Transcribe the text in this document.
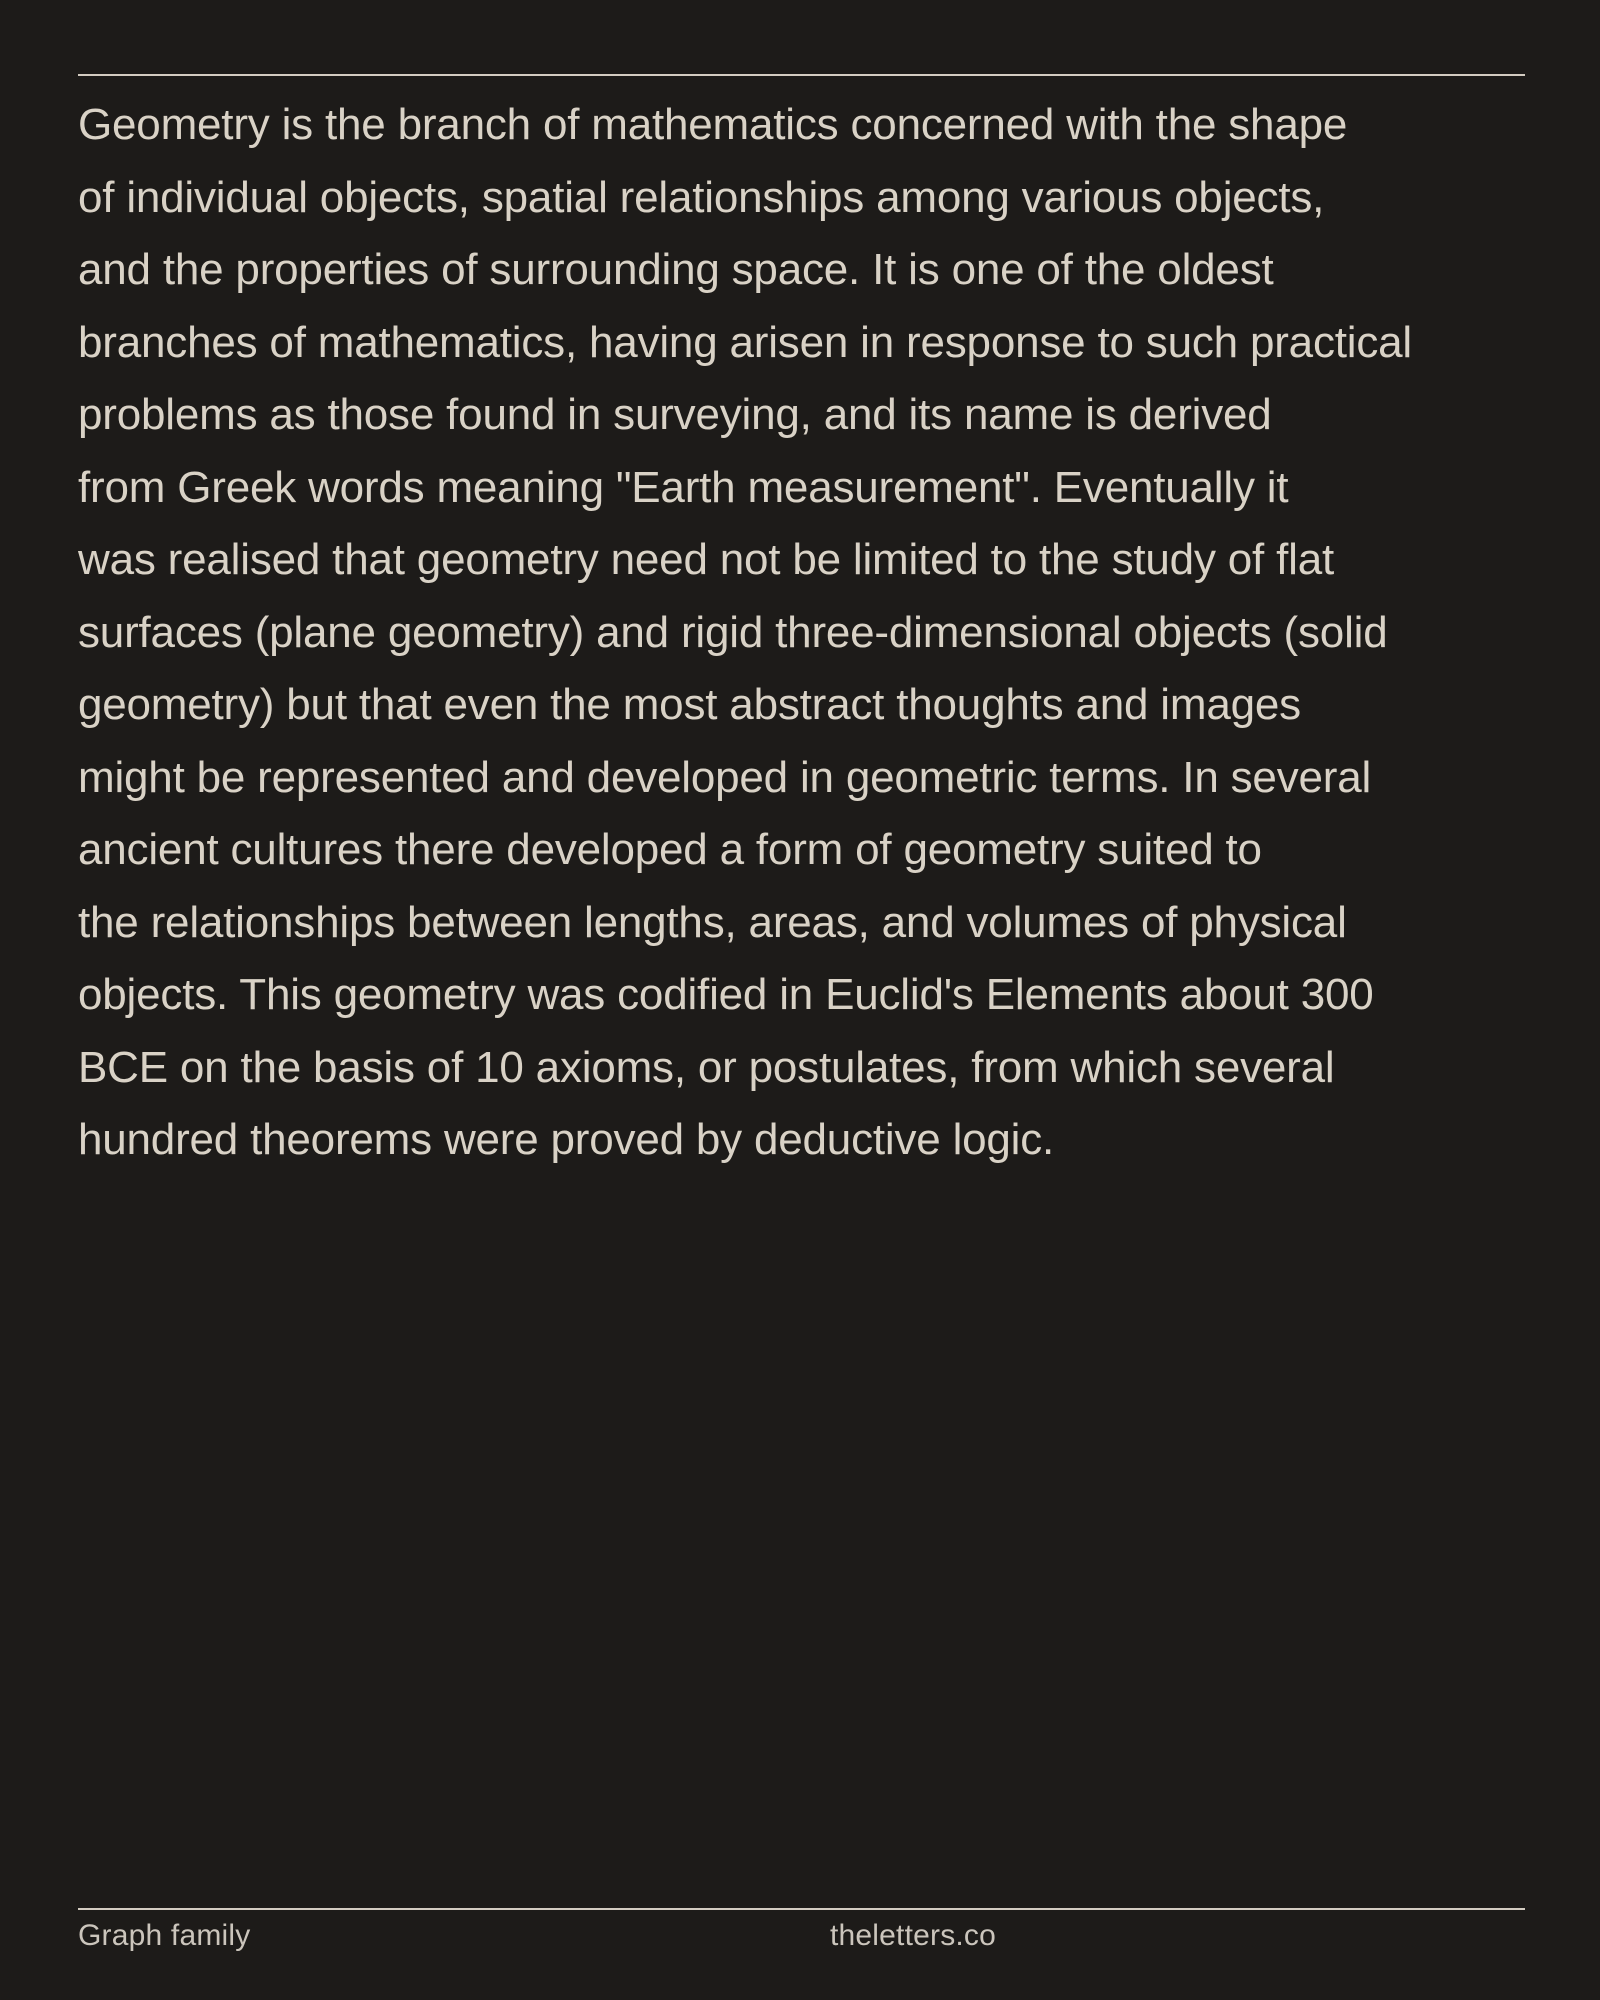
Geometry is the branch of mathematics concerned with the shape
of individual objects, spatial relationships among various objects,
and the properties of surrounding space. It is one of the oldest
branches of mathematics, having arisen in response to such practical
problems as those found in surveying, and its name is derived
from Greek words meaning "Earth measurement". Eventually it
was realised that geometry need not be limited to the study of flat
surfaces (plane geometry) and rigid three-dimensional objects (solid
geometry) but that even the most abstract thoughts and images
might be represented and developed in geometric terms. In several
ancient cultures there developed a form of geometry suited to
the relationships between lengths, areas, and volumes of physical
objects. This geometry was codified in Euclid's Elements about 300
BCE on the basis of 10 axioms, or postulates, from which several
hundred theorems were proved by deductive logic.
Graph family	theletters.co
